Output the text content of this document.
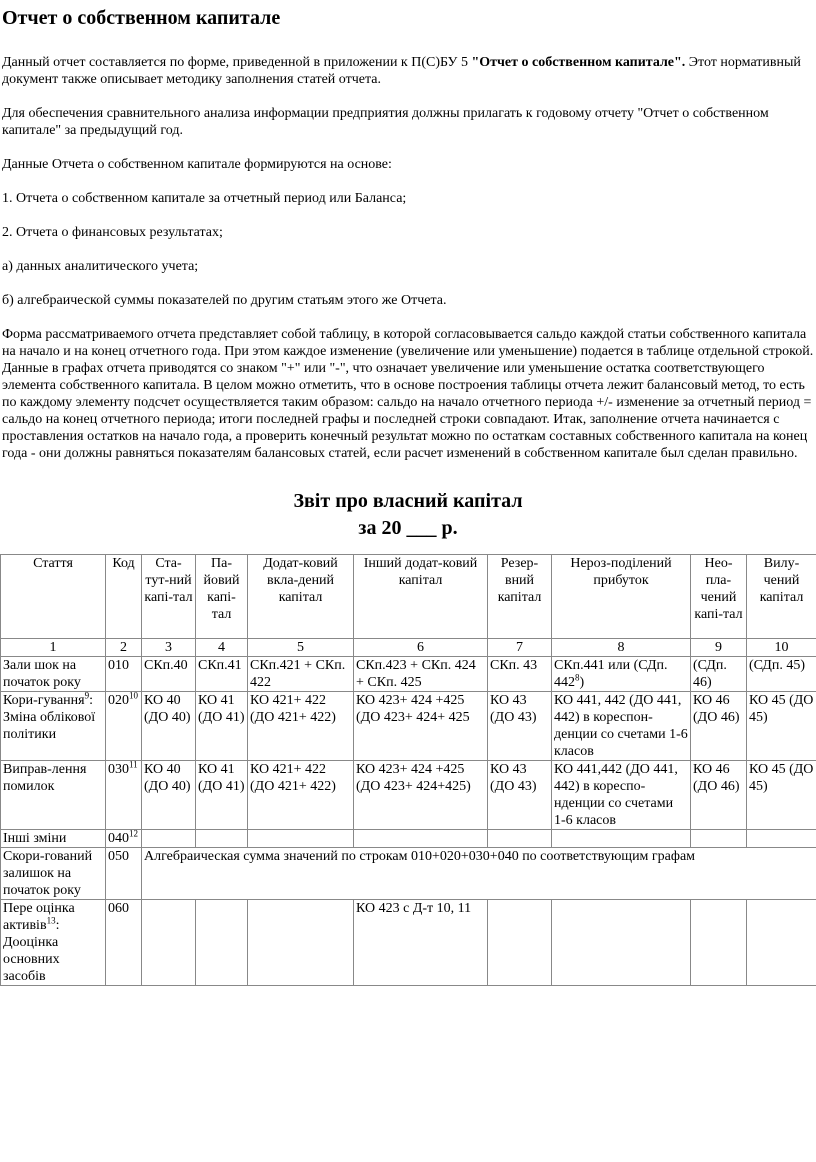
Отчет о собственном капитале

Данный отчет составляется по форме, приведенной в приложении к П(С)БУ 5 "Отчет о собственном капитале". Этот нормативный документ также описывает методику заполнения статей отчета.

Для обеспечения сравнительного анализа информации предприятия должны прилагать к годовому отчету "Отчет о собственном капитале" за предыдущий год.

Данные Отчета о собственном капитале формируются на основе:

1. Отчета о собственном капитале за отчетный период или Баланса;

2. Отчета о финансовых результатах;

а) данных аналитического учета;

б) алгебраической суммы показателей по другим статьям этого же Отчета.

Форма рассматриваемого отчета представляет собой таблицу, в которой согласовывается сальдо каждой статьи собственного капитала на начало и на конец отчетного года. При этом каждое изменение (увеличение или уменьшение) подается в таблице отдельной строкой. Данные в графах отчета приводятся со знаком "+" или "-", что означает увеличение или уменьшение остатка соответствующего элемента собственного капитала. В целом можно отметить, что в основе построения таблицы отчета лежит балансовый метод, то есть по каждому элементу подсчет осуществляется таким образом: сальдо на начало отчетного периода +/- изменение за отчетный период = сальдо на конец отчетного периода; итоги последней графы и последней строки совпадают. Итак, заполнение отчета начинается с проставления остатков на начало года, а проверить конечный результат можно по остаткам составных собственного капитала на конец года - они должны равняться показателям балансовых статей, если расчет изменений в собственном капитале был сделан правильно.

Звіт про власний капітал
за 20 ___ р.
Стаття	Код	Ста-тут-ний капі-тал	Па-йовий капі-тал	Додат-ковий вкла-дений капітал	Інший додат-ковий капітал	Резер-вний капітал	Нероз-поділений прибуток	Нео-пла-чений капі-тал	Вилу-чений капітал
1	2	3	4	5	6	7	8	9	10
Зали шок на початок року	010	СКп.40	СКп.41	СКп.421 + СКп. 422	СКп.423 + СКп. 424 + СКп. 425	СКп. 43	СКп.441 или (СДп. $442^8$)	(СДп. 46)	(СДп. 45)
Кори-гування$^9$: Зміна облікової політики	$020^{10}$	КО 40 (ДО 40)	КО 41 (ДО 41)	КО 421+ 422 (ДО 421+ 422)	КО 423+ 424 +425 (ДО 423+ 424+ 425	КО 43 (ДО 43)	КО 441, 442 (ДО 441, 442) в кореспон-денции со счетами 1-6 класов	КО 46 (ДО 46)	КО 45 (ДО 45)
Виправ-лення помилок	$030^{11}$	КО 40 (ДО 40)	КО 41 (ДО 41)	КО 421+ 422 (ДО 421+ 422)	КО 423+ 424 +425 (ДО 423+ 424+425)	КО 43 (ДО 43)	КО 441,442 (ДО 441, 442) в кореспо-нденции со счетами 1-6 класов	КО 46 (ДО 46)	КО 45 (ДО 45)
Інші зміни	$040^{12}$								
Скори-гований залишок на початок року	050	Алгебраическая сумма значений по строкам 010+020+030+040 по соответствующим графам							
Пере оцінка активів$^{13}$: Дооцінка основних засобів	060				КО 423 с Д-т 10, 11				
